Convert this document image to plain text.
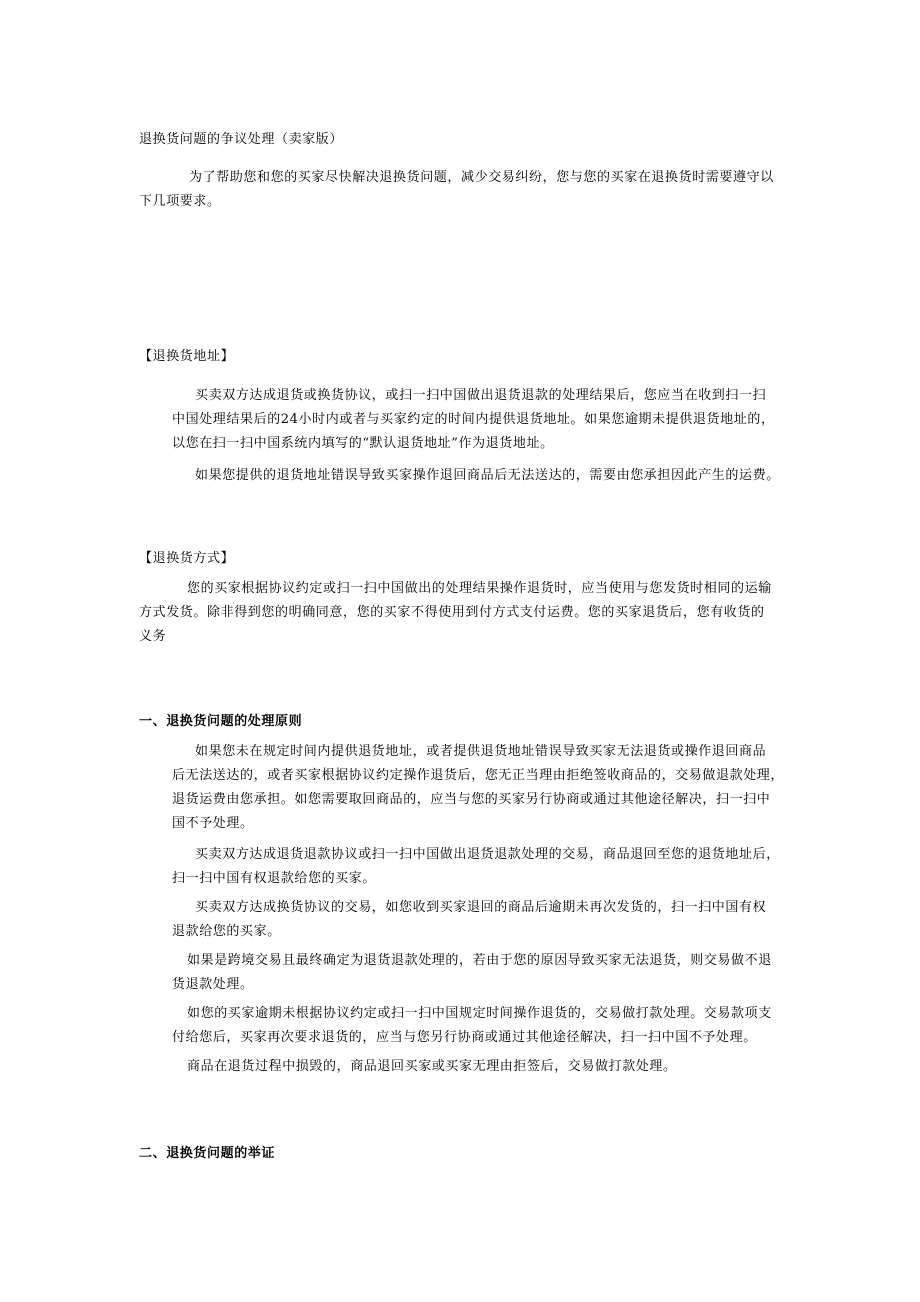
退换货问题的争议处理（卖家版）

为了帮助您和您的买家尽快解决退换货问题，减少交易纠纷，您与您的买家在退换货时需要遵守以

下几项要求。

【退换货地址】

买卖双方达成退货或换货协议，或扫一扫中国做出退货退款的处理结果后，您应当在收到扫一扫

中国处理结果后的24小时内或者与买家约定的时间内提供退货地址。如果您逾期未提供退货地址的，

以您在扫一扫中国系统内填写的“默认退货地址”作为退货地址。

如果您提供的退货地址错误导致买家操作退回商品后无法送达的，需要由您承担因此产生的运费。

【退换货方式】

您的买家根据协议约定或扫一扫中国做出的处理结果操作退货时，应当使用与您发货时相同的运输

方式发货。除非得到您的明确同意，您的买家不得使用到付方式支付运费。您的买家退货后，您有收货的

义务

一、退换货问题的处理原则

如果您未在规定时间内提供退货地址，或者提供退货地址错误导致买家无法退货或操作退回商品

后无法送达的，或者买家根据协议约定操作退货后，您无正当理由拒绝签收商品的，交易做退款处理，

退货运费由您承担。如您需要取回商品的，应当与您的买家另行协商或通过其他途径解决，扫一扫中

国不予处理。

买卖双方达成退货退款协议或扫一扫中国做出退货退款处理的交易，商品退回至您的退货地址后，

扫一扫中国有权退款给您的买家。

买卖双方达成换货协议的交易，如您收到买家退回的商品后逾期未再次发货的，扫一扫中国有权

退款给您的买家。

如果是跨境交易且最终确定为退货退款处理的，若由于您的原因导致买家无法退货，则交易做不退

货退款处理。

如您的买家逾期未根据协议约定或扫一扫中国规定时间操作退货的，交易做打款处理。交易款项支

付给您后，买家再次要求退货的，应当与您另行协商或通过其他途径解决，扫一扫中国不予处理。

商品在退货过程中损毁的，商品退回买家或买家无理由拒签后，交易做打款处理。

二、退换货问题的举证
